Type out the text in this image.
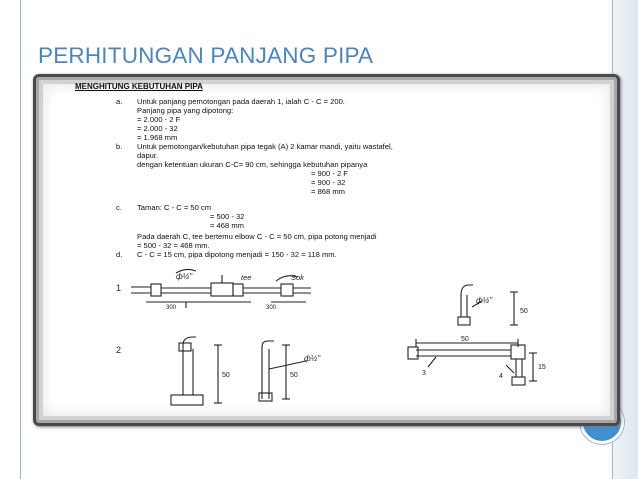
PERHITUNGAN PANJANG PIPA
MENGHITUNG KEBUTUHAN PIPA
a. Untuk panjang pemotongan pada daerah 1, ialah C - C = 200.
Panjang pipa yang dipotong:
= 2.000 - 2 F
= 2.000 - 32
= 1.968 mm
b. Untuk pemotongan/kebutuhan pipa tegak (A) 2 kamar mandi, yaitu wastafel,
dapur.
dengan ketentuan ukuran C-C= 90 cm, sehingga kebutuhan pipanya
= 900 - 2 F
= 900 - 32
= 868 mm
c. Taman: C - C = 50 cm
= 500 - 32
= 468 mm
Pada daerah C, tee bertemu elbow C - C = 50 cm, pipa potong menjadi
= 500 - 32 = 468 mm.
d. C - C = 15 cm, pipa dipotong menjadi = 150 - 32 = 118 mm.
1
2
ф½"	tee	Sok
300	300
ф½"
50
50	50
ф½"
50
15
3	4
